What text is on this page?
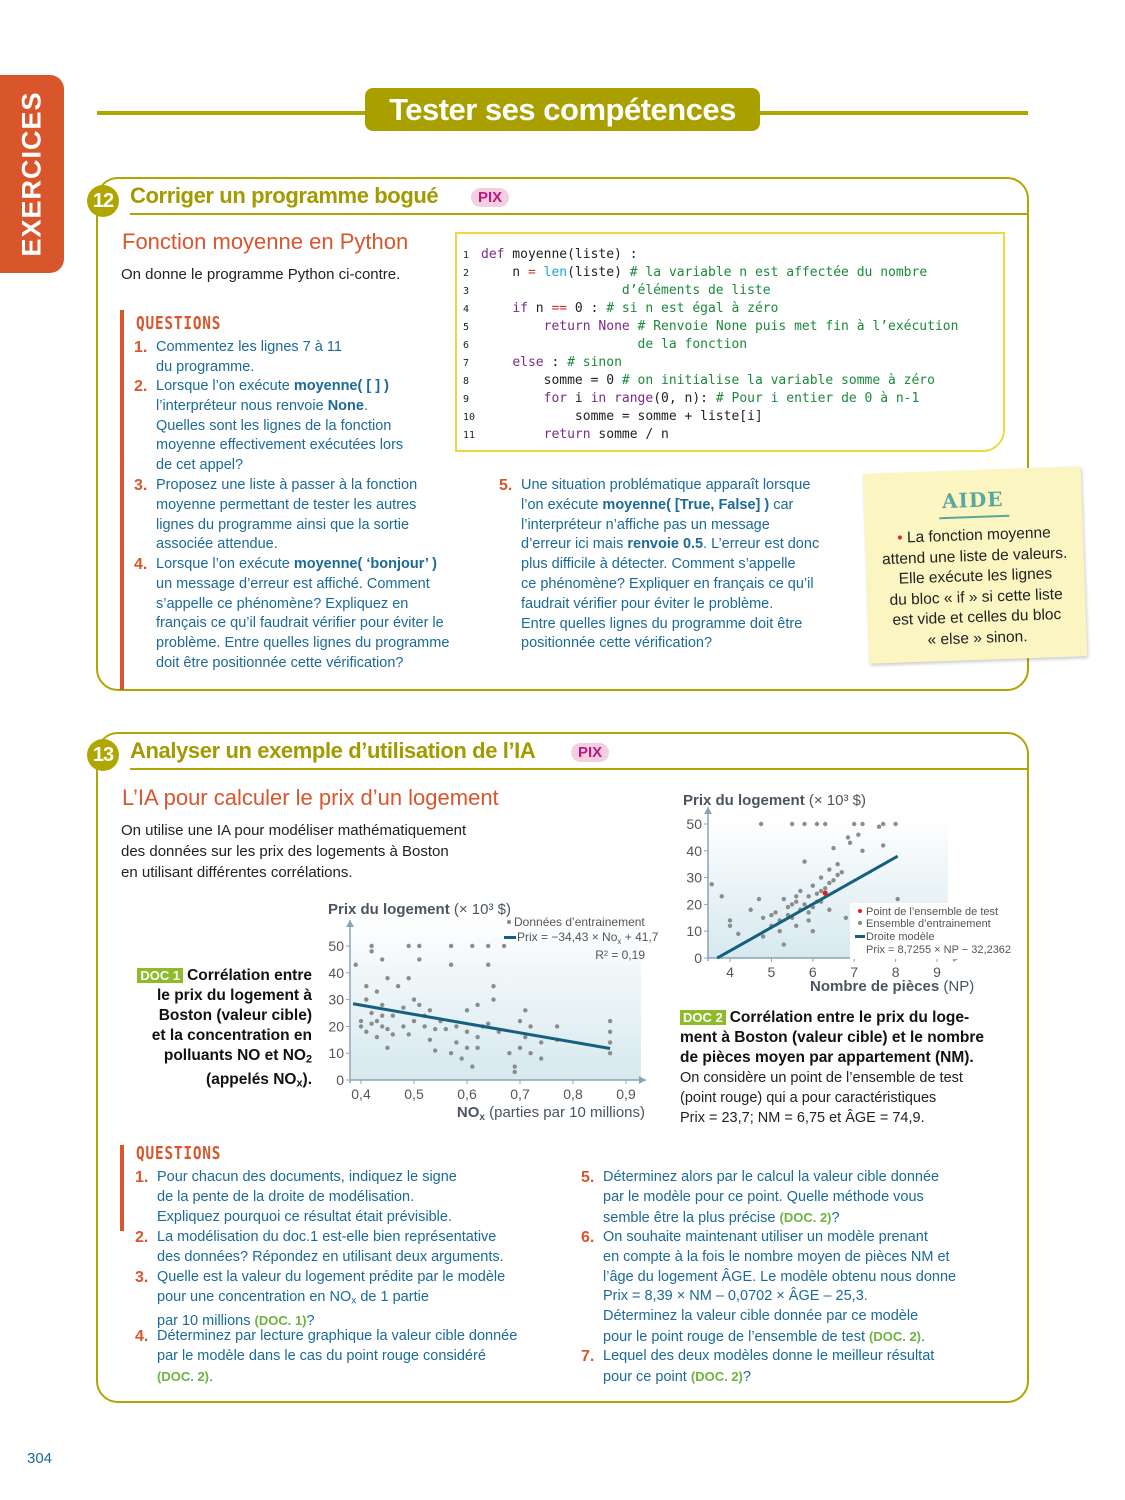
EXERCICES	Tester ses compétences
12 Corriger un programme bogué	PIX
Fonction moyenne en Python
On donne le programme Python ci-contre.
QUESTIONS
1 def moyenne(liste) :
2    n = len(liste) # la variable n est affectée du nombre
3                  d’éléments de liste
4	if n == 0 : # si n est égal à zéro
5	return None # Renvoie None puis met fin à l’exécution
6                    de la fonction
7	else : # sinon
8        somme = 0 # on initialise la variable somme à zéro
9	for i in range(0, n): # Pour i entier de 0 à n-1
10            somme = somme + liste[i]
11	return somme / n
1. Commentez les lignes 7 à 11
du programme.
2. Lorsque l’on exécute moyenne( [ ] )
l’interpréteur nous renvoie None.
Quelles sont les lignes de la fonction
moyenne effectivement exécutées lors
de cet appel?
3. Proposez une liste à passer à la fonction
moyenne permettant de tester les autres
lignes du programme ainsi que la sortie
associée attendue.
4. Lorsque l’on exécute moyenne( ‘bonjour’ )
un message d’erreur est affiché. Comment
s’appelle ce phénomène? Expliquez en
français ce qu’il faudrait vérifier pour éviter le
problème. Entre quelles lignes du programme
doit être positionnée cette vérification?
5. Une situation problématique apparaît lorsque
l’on exécute moyenne( [True, False] ) car
l’interpréteur n’affiche pas un message
d’erreur ici mais renvoie 0.5. L’erreur est donc
plus difficile à détecter. Comment s’appelle
ce phénomène? Expliquer en français ce qu’il
faudrait vérifier pour éviter le problème.
Entre quelles lignes du programme doit être
positionnée cette vérification?
AIDE
• La fonction moyenne
attend une liste de valeurs.
Elle exécute les lignes
du bloc « if » si cette liste
est vide et celles du bloc
« else » sinon.
13 Analyser un exemple d’utilisation de l’IA	PIX
L’IA pour calculer le prix d’un logement
On utilise une IA pour modéliser mathématiquement
des données sur les prix des logements à Boston
en utilisant différentes corrélations.
DOC 1 Corrélation entre
le prix du logement à
Boston (valeur cible)
et la concentration en
polluants NO et $NO_2$
(appelés $NO_x$). 0
10
20
30
40
50
0,4 0,5 0,6 0,7 0,8 0,9
Prix du logement (× 10³ $)
Données d’entrainement
Prix = $-34,43 \times No_x + 41,7$
R² = 0,19
$NO_x$ (parties par 10 millions)
0
10
20
30
40
50
4 5 6 7 8 9
Point de l’ensemble de test
Ensemble d’entrainement
Droite modèle
Prix = 8,7255 × NP − 32,2362
Prix du logement (× 10³ $)
Nombre de pièces (NP)
DOC 2 Corrélation entre le prix du loge-
ment à Boston (valeur cible) et le nombre
de pièces moyen par appartement (NM).
On considère un point de l’ensemble de test
(point rouge) qui a pour caractéristiques
Prix = 23,7; NM = 6,75 et ÂGE = 74,9.
QUESTIONS
1. Pour chacun des documents, indiquez le signe
de la pente de la droite de modélisation.
Expliquez pourquoi ce résultat était prévisible.
2. La modélisation du doc.1 est-elle bien représentative
des données? Répondez en utilisant deux arguments.
3. Quelle est la valeur du logement prédite par le modèle
pour une concentration en $NO_x$ de 1 partie
par 10 millions (DOC. 1)?
4. Déterminez par lecture graphique la valeur cible donnée
par le modèle dans le cas du point rouge considéré
(DOC. 2).
5. Déterminez alors par le calcul la valeur cible donnée
par le modèle pour ce point. Quelle méthode vous
semble être la plus précise (DOC. 2)?
6. On souhaite maintenant utiliser un modèle prenant
en compte à la fois le nombre moyen de pièces NM et
l’âge du logement ÂGE. Le modèle obtenu nous donne
Prix = 8,39 × NM – 0,0702 × ÂGE – 25,3.
Déterminez la valeur cible donnée par ce modèle
pour le point rouge de l’ensemble de test (DOC. 2).
7. Lequel des deux modèles donne le meilleur résultat
pour ce point (DOC. 2)?
304
